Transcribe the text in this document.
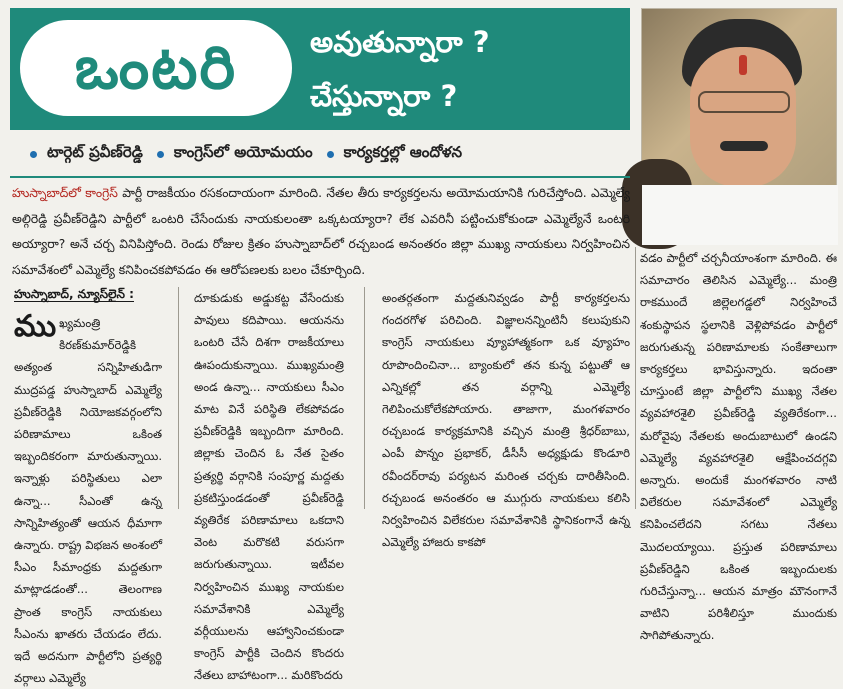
ఒంటరి	అవుతున్నారా ?
చేస్తున్నారా ?
టార్గెట్ ప్రవీణ్‌రెడ్డి కాంగ్రెస్‌లో అయోమయం కార్యకర్తల్లో ఆందోళన
హుస్నాబాద్‌లో కాంగ్రెస్ పార్టీ రాజకీయం రసకందాయంగా మారింది. నేతల తీరు కార్యకర్తలను అయోమయానికి గురిచేస్తోంది. ఎమ్మెల్యే అల్గిరెడ్డి ప్రవీణ్‌రెడ్డిని పార్టీలో ఒంటరి చేసేందుకు నాయకులంతా ఒక్కటయ్యారా? లేక ఎవరినీ పట్టించుకోకుండా ఎమ్మెల్యేనే ఒంటరి అయ్యారా? అనే చర్చ వినిపిస్తోంది. రెండు రోజుల క్రితం హుస్నాబాద్‌లో రచ్చబండ అనంతరం జిల్లా ముఖ్య నాయకులు నిర్వహించిన సమావేశంలో ఎమ్మెల్యే కనిపించకపోవడం ఈ ఆరోపణలకు బలం చేకూర్చింది.
హుస్నాబాద్, న్యూస్‌లైన్ :
ముఖ్యమంత్రి కిరణ్‌కుమార్‌రెడ్డికి అత్యంత సన్నిహితుడిగా ముద్రపడ్డ హుస్నాబాద్ ఎమ్మెల్యే ప్రవీణ్‌రెడ్డికి నియోజకవర్గంలోని పరిణామాలు ఒకింత ఇబ్బందికరంగా మారుతున్నాయి. ఇన్నాళ్లు పరిస్థితులు ఎలా ఉన్నా... సీఎంతో ఉన్న సాన్నిహిత్యంతో ఆయన ధీమాగా ఉన్నారు. రాష్ట్ర విభజన అంశంలో సీఎం సీమాంధ్రకు మద్దతుగా మాట్లాడడంతో... తెలంగాణ ప్రాంత కాంగ్రెస్ నాయకులు సీఎంను ఖాతరు చేయడం లేదు. ఇదే అదనుగా పార్టీలోని ప్రత్యర్థి వర్గాలు ఎమ్మెల్యే
దూకుడుకు అడ్డుకట్ట వేసేందుకు పావులు కదిపాయి. ఆయనను ఒంటరి చేసే దిశగా రాజకీయాలు ఊపందుకున్నాయి. ముఖ్యమంత్రి అండ ఉన్నా... నాయకులు సీఎం మాట వినే పరిస్థితి లేకపోవడం ప్రవీణ్‌రెడ్డికి ఇబ్బందిగా మారింది. జిల్లాకు చెందిన ఓ నేత సైతం ప్రత్యర్థి వర్గానికి సంపూర్ణ మద్దతు ప్రకటిస్తుండడంతో ప్రవీణ్‌రెడ్డి వ్యతిరేక పరిణామాలు ఒకదాని వెంట మరొకటి వరుసగా జరుగుతున్నాయి. ఇటీవల నిర్వహించిన ముఖ్య నాయకుల సమావేశానికి ఎమ్మెల్యే వర్గీయులను ఆహ్వానించకుండా కాంగ్రెస్ పార్టీకి చెందిన కొందరు నేతలు బాహాటంగా... మరికొందరు
అంతర్గతంగా మద్దతునివ్వడం పార్టీ కార్యకర్తలను గందరగోళ పరిచింది. విజ్ఞాలనన్నింటినీ కలుపుకుని కాంగ్రెస్ నాయకులు వ్యూహాత్మకంగా ఒక వ్యూహం రూపొందించినా... బ్యాంకులో తన కున్న పట్టుతో ఆ ఎన్నికల్లో తన వర్గాన్ని ఎమ్మెల్యే గెలిపించుకోలేకపోయారు. తాజాగా, మంగళవారం రచ్చబండ కార్యక్రమానికి వచ్చిన మంత్రి శ్రీధర్‌బాబు, ఎంపీ పొన్నం ప్రభాకర్, డీసీసీ అధ్యక్షుడు కొండూరి రవీందర్‌రావు పర్యటన మరింత చర్చకు దారితీసింది. రచ్చబండ అనంతరం ఆ ముగ్గురు నాయకులు కలిసి నిర్వహించిన విలేకరుల సమావేశానికి స్థానికంగానే ఉన్న ఎమ్మెల్యే హాజరు కాకపో
వడం పార్టీలో చర్చనీయాంశంగా మారింది. ఈ సమాచారం తెలిసిన ఎమ్మెల్యే... మంత్రి రాకముందే జిల్లెలగడ్డలో నిర్వహించే శంకుస్థాపన స్థలానికి వెళ్లిపోవడం పార్టీలో జరుగుతున్న పరిణామాలకు సంకేతాలుగా కార్యకర్తలు భావిస్తున్నారు. ఇదంతా చూస్తుంటే జిల్లా పార్టీలోని ముఖ్య నేతల వ్యవహారశైలి ప్రవీణ్‌రెడ్డి వ్యతిరేకంగా... మరోవైపు నేతలకు అందుబాటులో ఉండని ఎమ్మెల్యే వ్యవహారశైలి ఆక్షేపించదగ్గవి అన్నారు. అందుకే మంగళవారం నాటి విలేకరుల సమావేశంలో ఎమ్మెల్యే కనిపించలేదని సగటు నేతలు మొదలయ్యాయి. ప్రస్తుత పరిణామాలు ప్రవీణ్‌రెడ్డిని ఒకింత ఇబ్బందులకు గురిచేస్తున్నా... ఆయన మాత్రం మౌనంగానే వాటిని పరిశీలిస్తూ ముందుకు సాగిపోతున్నారు.
